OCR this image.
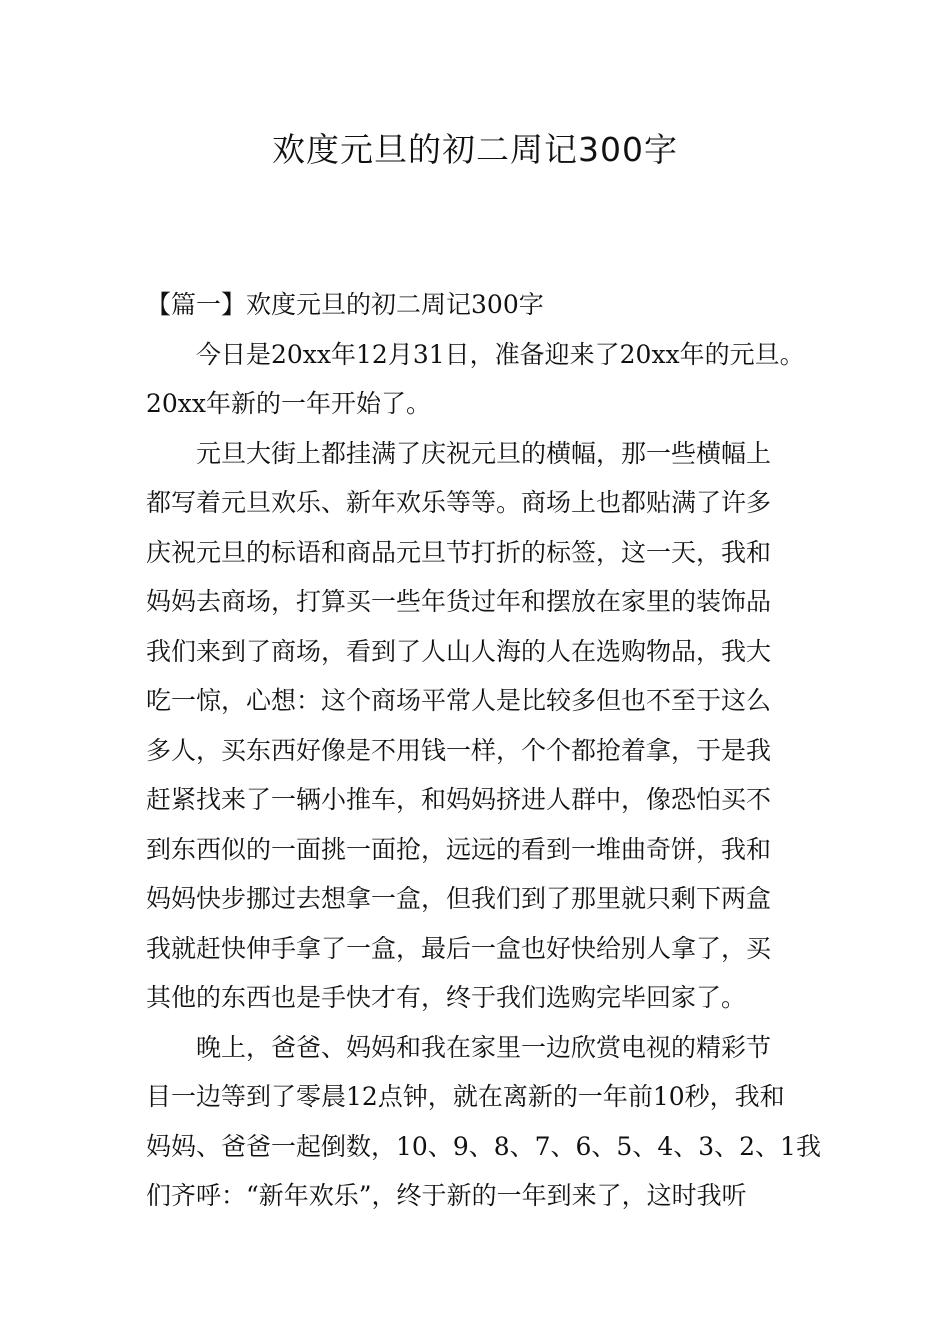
欢度元旦的初二周记300字
【篇一】欢度元旦的初二周记300字
今日是20xx年12月31日，准备迎来了20xx年的元旦。
20xx年新的一年开始了。
元旦大街上都挂满了庆祝元旦的横幅，那一些横幅上
都写着元旦欢乐、新年欢乐等等。商场上也都贴满了许多
庆祝元旦的标语和商品元旦节打折的标签，这一天，我和
妈妈去商场，打算买一些年货过年和摆放在家里的装饰品
我们来到了商场，看到了人山人海的人在选购物品，我大
吃一惊，心想：这个商场平常人是比较多但也不至于这么
多人，买东西好像是不用钱一样，个个都抢着拿，于是我
赶紧找来了一辆小推车，和妈妈挤进人群中，像恐怕买不
到东西似的一面挑一面抢，远远的看到一堆曲奇饼，我和
妈妈快步挪过去想拿一盒，但我们到了那里就只剩下两盒
我就赶快伸手拿了一盒，最后一盒也好快给别人拿了，买
其他的东西也是手快才有，终于我们选购完毕回家了。
晚上，爸爸、妈妈和我在家里一边欣赏电视的精彩节
目一边等到了零晨12点钟，就在离新的一年前10秒，我和
妈妈、爸爸一起倒数，10、9、8、7、6、5、4、3、2、1我
们齐呼：“新年欢乐”，终于新的一年到来了，这时我听
